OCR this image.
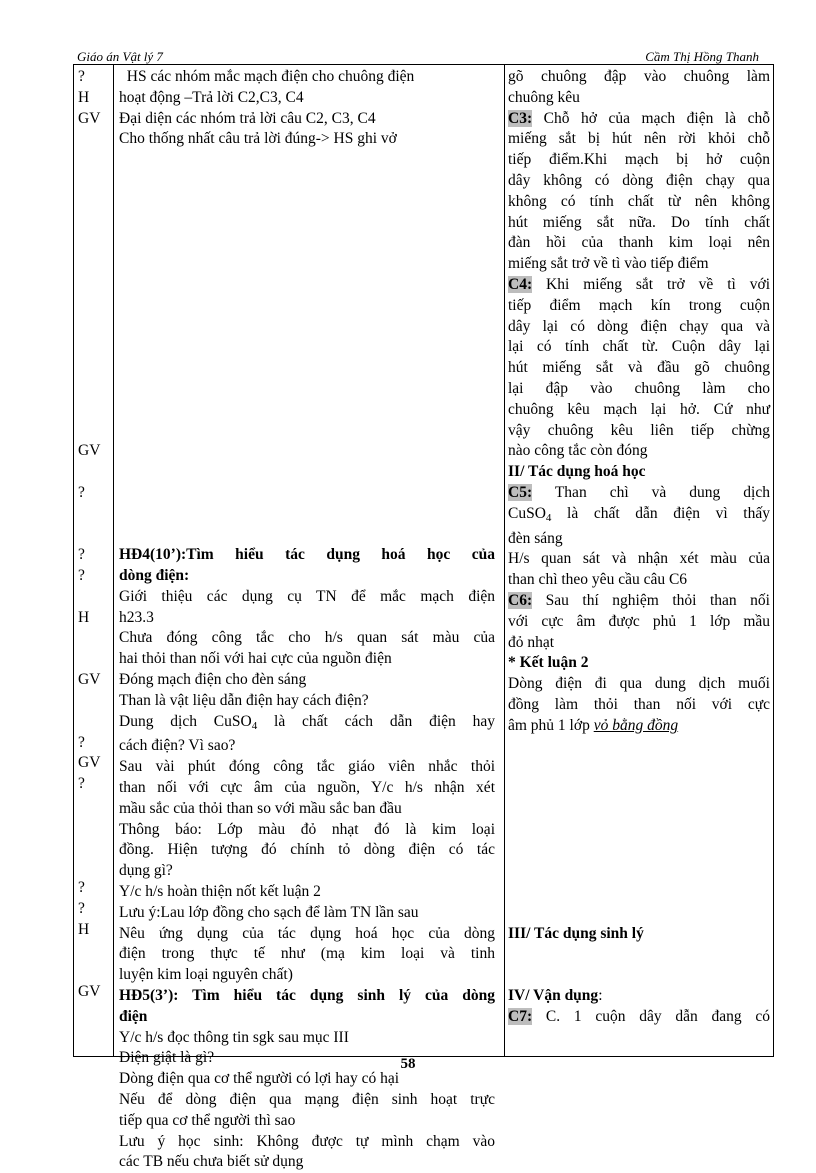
Giáo án Vật lý 7	Cầm Thị Hồng Thanh
?
H
GV
GV
?
?
?
H
GV
?
GV
?
?
?
H
GV
HS các nhóm mắc mạch điện cho chuông điện
hoạt động –Trả lời C2,C3, C4
Đại diện các nhóm trả lời câu C2, C3, C4
Cho thống nhất câu trả lời đúng-> HS ghi vở
HĐ4(10’):Tìm hiểu tác dụng hoá học của
dòng điện:
Giới thiệu các dụng cụ TN để mắc mạch điện
h23.3
Chưa đóng công tắc cho h/s quan sát màu của
hai thỏi than nối với hai cực của nguồn điện
Đóng mạch điện cho đèn sáng
Than là vật liệu dẫn điện hay cách điện?
Dung dịch CuSO$_4$ là chất cách dẫn điện hay
cách điện? Vì sao?
Sau vài phút đóng công tắc giáo viên nhắc thỏi
than nối với cực âm của nguồn, Y/c h/s nhận xét
mầu sắc của thỏi than so với mầu sắc ban đầu
Thông báo: Lớp màu đỏ nhạt đó là kim loại
đồng. Hiện tượng đó chính tỏ dòng điện có tác
dụng gì?
Y/c h/s hoàn thiện nốt kết luận 2
Lưu ý:Lau lớp đồng cho sạch để làm TN lần sau
Nêu ứng dụng của tác dụng hoá học của dòng
điện trong thực tế như (mạ kim loại và tinh
luyện kim loại nguyên chất)
HĐ5(3’): Tìm hiểu tác dụng sinh lý của dòng
điện
Y/c h/s đọc thông tin sgk sau mục III
Điện giật là gì?
Dòng điện qua cơ thể người có lợi hay có hại
Nếu để dòng điện qua mạng điện sinh hoạt trực
tiếp qua cơ thể người thì sao
Lưu ý học sinh: Không được tự mình chạm vào
các TB nếu chưa biết sử dụng
gõ chuông đập vào chuông làm
chuông kêu
C3: Chỗ hở của mạch điện là chỗ
miếng sắt bị hút nên rời khỏi chỗ
tiếp điểm.Khi mạch bị hở cuộn
dây không có dòng điện chạy qua
không có tính chất từ nên không
hút miếng sắt nữa. Do tính chất
đàn hồi của thanh kim loại nên
miếng sắt trở về tì vào tiếp điểm
C4: Khi miếng sắt trở về tì với
tiếp điểm mạch kín trong cuộn
dây lại có dòng điện chạy qua và
lại có tính chất từ. Cuộn dây lại
hút miếng sắt và đầu gõ chuông
lại đập vào chuông làm cho
chuông kêu mạch lại hở. Cứ như
vậy chuông kêu liên tiếp chừng
nào công tắc còn đóng
II/ Tác dụng hoá học
C5: Than chì và dung dịch
CuSO$_4$ là chất dẫn điện vì thấy
đèn sáng
H/s quan sát và nhận xét màu của
than chì theo yêu cầu câu C6
C6: Sau thí nghiệm thỏi than nối
với cực âm được phủ 1 lớp mầu
đỏ nhạt
* Kết luận 2
Dòng điện đi qua dung dịch muối
đồng làm thỏi than nối với cực
âm phủ 1 lớp vỏ bằng đồng
III/ Tác dụng sinh lý
IV/ Vận dụng:
C7: C. 1 cuộn dây dẫn đang có
58
